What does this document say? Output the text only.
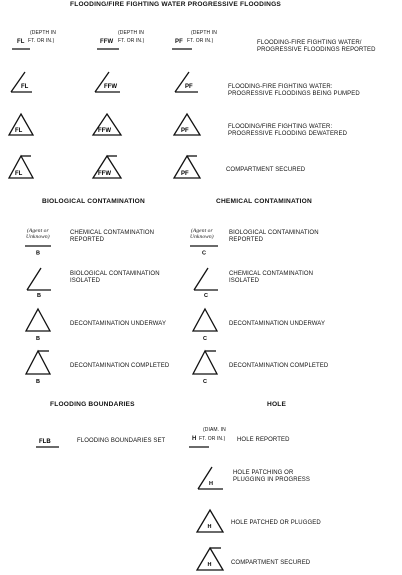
FLOODING/FIRE FIGHTING WATER PROGRESSIVE FLOODINGS
(DEPTH IN
FL FT. OR IN.)
(DEPTH IN
FFW FT. OR IN.)
(DEPTH IN
PF FT. OR IN.)	FLOODING-FIRE FIGHTING WATER/
PROGRESSIVE FLOODINGS REPORTED
FL	FFW	PF	FLOODING-FIRE FIGHTING WATER:
PROGRESSIVE FLOODINGS BEING PUMPED
FL	FFW	PF
FLOODING/FIRE FIGHTING WATER:
PROGRESSIVE FLOODING DEWATERED
FL	FFW	PF
COMPARTMENT SECURED
BIOLOGICAL CONTAMINATION	CHEMICAL CONTAMINATION
(Agent or
Unknown)
B
CHEMICAL CONTAMINATION
REPORTED
B
BIOLOGICAL CONTAMINATION
ISOLATED
B
DECONTAMINATION UNDERWAY
B
DECONTAMINATION COMPLETED
(Agent or
Unknown)
C
BIOLOGICAL CONTAMINATION
REPORTED
C
CHEMICAL CONTAMINATION
ISOLATED
C
DECONTAMINATION UNDERWAY
C
DECONTAMINATION COMPLETED
FLOODING BOUNDARIES
FLB	FLOODING BOUNDARIES SET
HOLE
(DIAM. IN
H FT. OR IN.) HOLE REPORTED
H
HOLE PATCHING OR
PLUGGING IN PROGRESS
H
HOLE PATCHED OR PLUGGED
H	COMPARTMENT SECURED
